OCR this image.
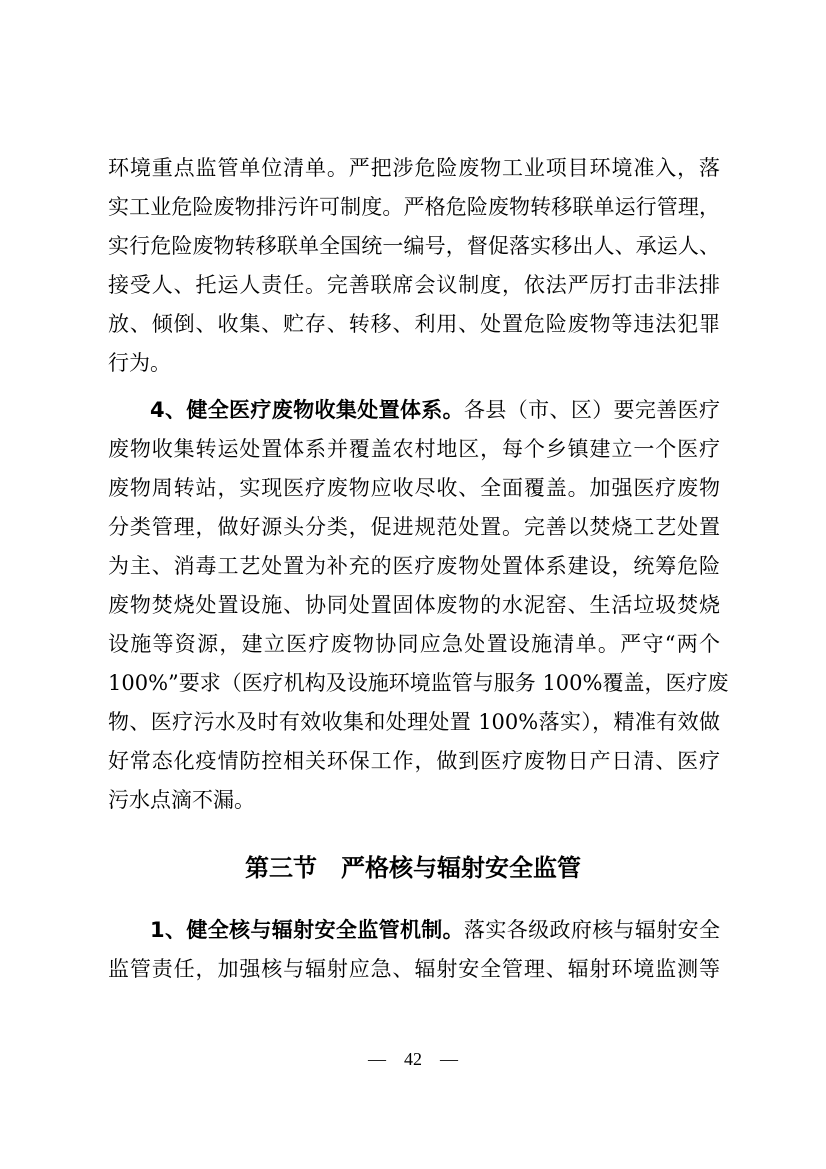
环境重点监管单位清单。严把涉危险废物工业项目环境准入，落
实工业危险废物排污许可制度。严格危险废物转移联单运行管理，
实行危险废物转移联单全国统一编号，督促落实移出人、承运人、
接受人、托运人责任。完善联席会议制度，依法严厉打击非法排
放、倾倒、收集、贮存、转移、利用、处置危险废物等违法犯罪
行为。
4、健全医疗废物收集处置体系。各县（市、区）要完善医疗
废物收集转运处置体系并覆盖农村地区，每个乡镇建立一个医疗
废物周转站，实现医疗废物应收尽收、全面覆盖。加强医疗废物
分类管理，做好源头分类，促进规范处置。完善以焚烧工艺处置
为主、消毒工艺处置为补充的医疗废物处置体系建设，统筹危险
废物焚烧处置设施、协同处置固体废物的水泥窑、生活垃圾焚烧
设施等资源，建立医疗废物协同应急处置设施清单。严守“两个
100%”要求（医疗机构及设施环境监管与服务 100%覆盖，医疗废
物、医疗污水及时有效收集和处理处置 100%落实），精准有效做
好常态化疫情防控相关环保工作，做到医疗废物日产日清、医疗
污水点滴不漏。
第三节　严格核与辐射安全监管
1、健全核与辐射安全监管机制。落实各级政府核与辐射安全
监管责任，加强核与辐射应急、辐射安全管理、辐射环境监测等
—　42　—
